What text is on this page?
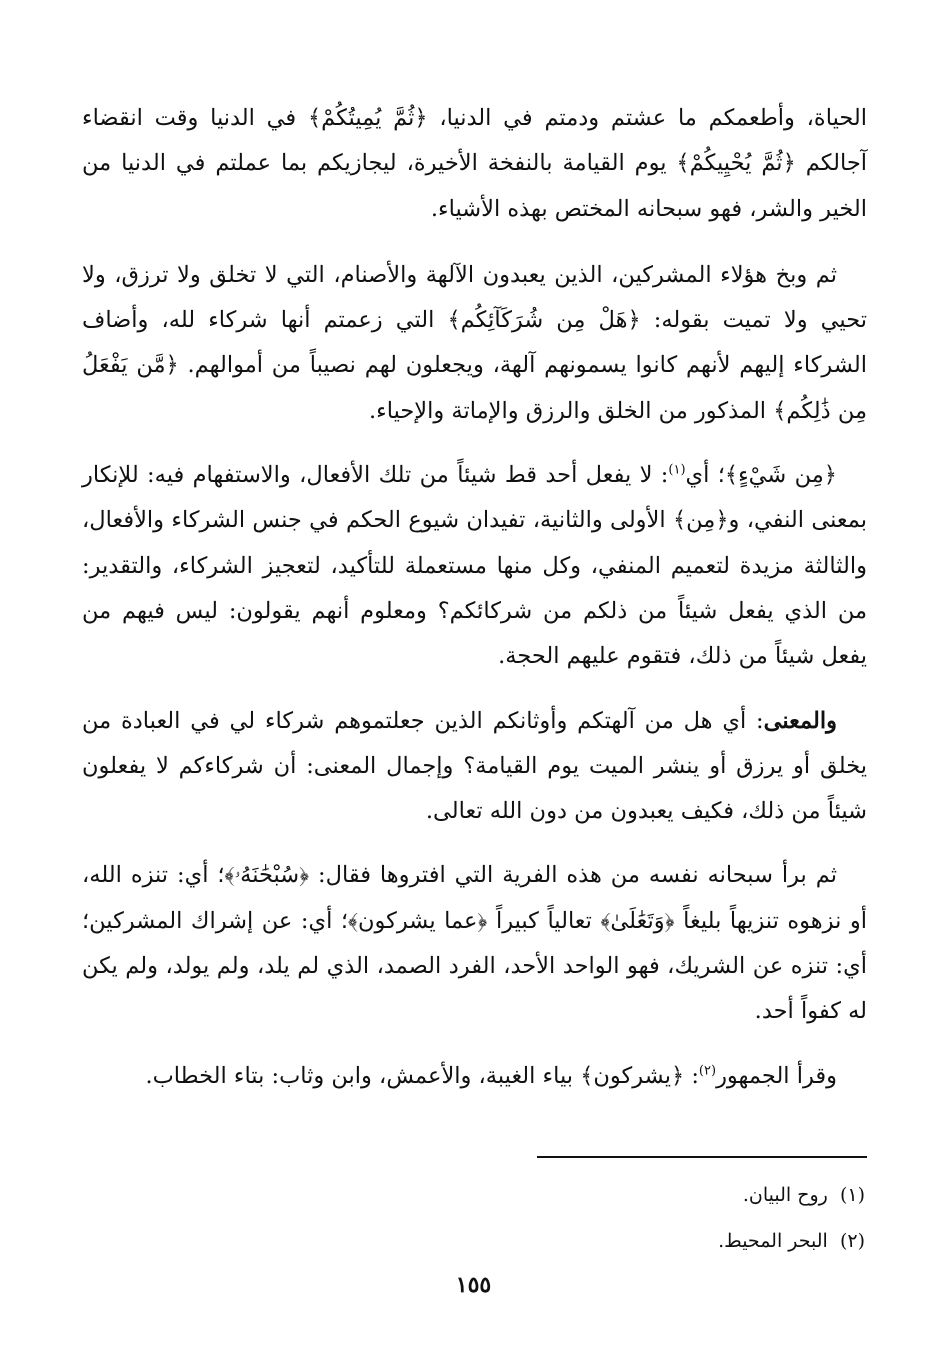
الحياة، وأطعمكم ما عشتم ودمتم في الدنيا، ﴿ثُمَّ يُمِيتُكُمْ﴾ في الدنيا وقت انقضاء آجالكم ﴿ثُمَّ يُحْيِيكُمْ﴾ يوم القيامة بالنفخة الأخيرة، ليجازيكم بما عملتم في الدنيا من الخير والشر، فهو سبحانه المختص بهذه الأشياء.

ثم وبخ هؤلاء المشركين، الذين يعبدون الآلهة والأصنام، التي لا تخلق ولا ترزق، ولا تحيي ولا تميت بقوله: ﴿هَلْ مِن شُرَكَآئِكُم﴾ التي زعمتم أنها شركاء لله، وأضاف الشركاء إليهم لأنهم كانوا يسمونهم آلهة، ويجعلون لهم نصيباً من أموالهم. ﴿مَّن يَفْعَلُ مِن ذَٰلِكُم﴾ المذكور من الخلق والرزق والإماتة والإحياء.

﴿مِن شَيْءٍ﴾؛ أي$^{(١)}$: لا يفعل أحد قط شيئاً من تلك الأفعال، والاستفهام فيه: للإنكار بمعنى النفي، و﴿مِن﴾ الأولى والثانية، تفيدان شيوع الحكم في جنس الشركاء والأفعال، والثالثة مزيدة لتعميم المنفي، وكل منها مستعملة للتأكيد، لتعجيز الشركاء، والتقدير: من الذي يفعل شيئاً من ذلكم من شركائكم؟ ومعلوم أنهم يقولون: ليس فيهم من يفعل شيئاً من ذلك، فتقوم عليهم الحجة.

والمعنى: أي هل من آلهتكم وأوثانكم الذين جعلتموهم شركاء لي في العبادة من يخلق أو يرزق أو ينشر الميت يوم القيامة؟ وإجمال المعنى: أن شركاءكم لا يفعلون شيئاً من ذلك، فكيف يعبدون من دون الله تعالى.

ثم برأ سبحانه نفسه من هذه الفرية التي افتروها فقال: ﴿سُبْحَٰنَهُۥ﴾؛ أي: تنزه الله، أو نزهوه تنزيهاً بليغاً ﴿وَتَعَٰلَىٰ﴾ تعالياً كبيراً ﴿عما يشركون﴾؛ أي: عن إشراك المشركين؛ أي: تنزه عن الشريك، فهو الواحد الأحد، الفرد الصمد، الذي لم يلد، ولم يولد، ولم يكن له كفواً أحد.

وقرأ الجمهور$^{(٢)}$: ﴿يشركون﴾ بياء الغيبة، والأعمش، وابن وثاب: بتاء الخطاب.

(١)  روح البيان.

(٢)  البحر المحيط.

١٥٥
